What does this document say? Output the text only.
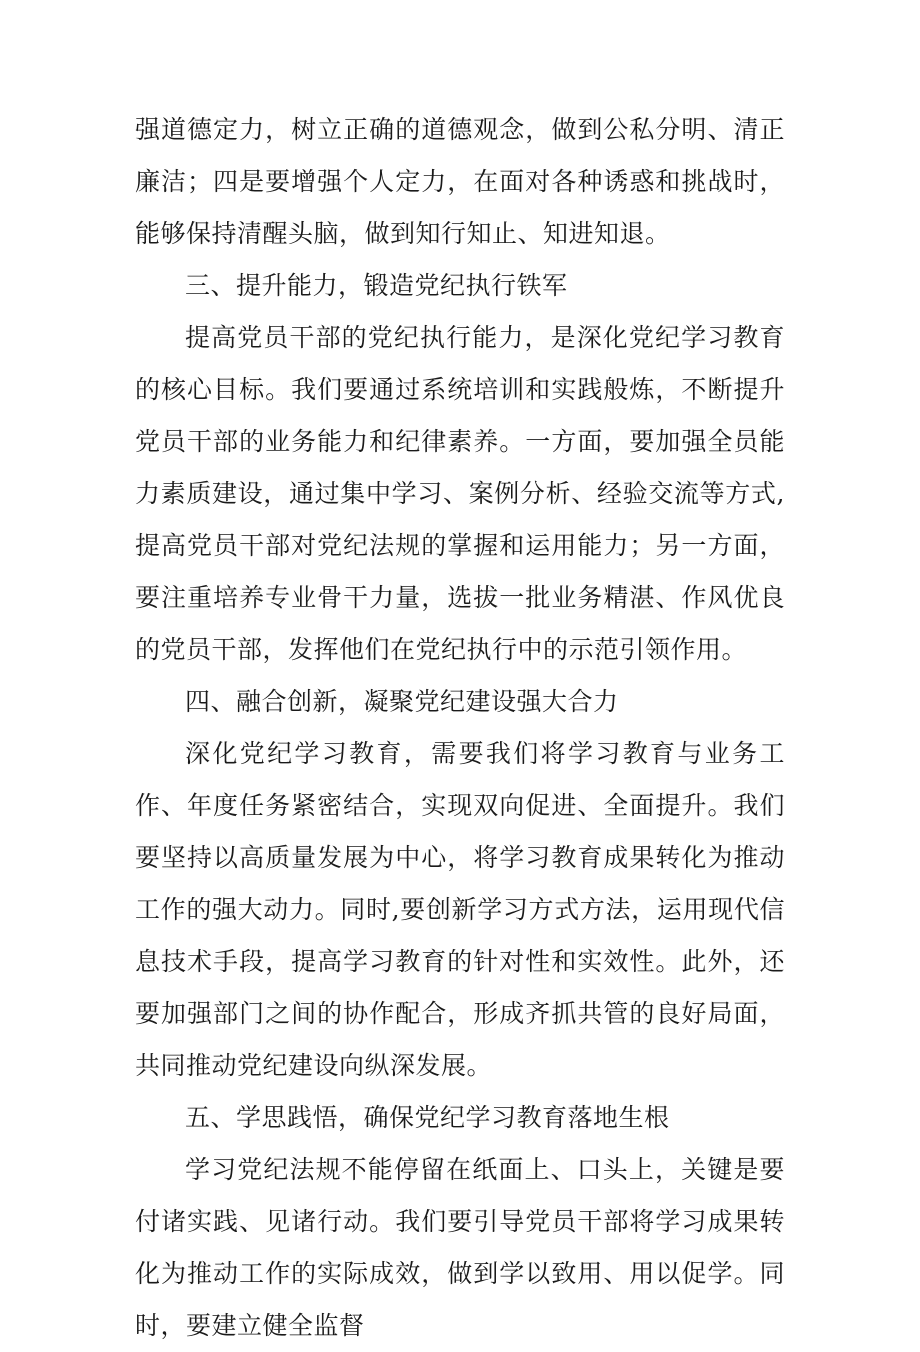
强道德定力，树立正确的道德观念，做到公私分明、清正廉洁；四是要增强个人定力，在面对各种诱惑和挑战时，能够保持清醒头脑，做到知行知止、知进知退。

三、提升能力，锻造党纪执行铁军

提高党员干部的党纪执行能力，是深化党纪学习教育的核心目标。我们要通过系统培训和实践般炼，不断提升党员干部的业务能力和纪律素养。一方面，要加强全员能力素质建设，通过集中学习、案例分析、经验交流等方式,提高党员干部对党纪法规的掌握和运用能力；另一方面，要注重培养专业骨干力量，选拔一批业务精湛、作风优良的党员干部，发挥他们在党纪执行中的示范引领作用。

四、融合创新，凝聚党纪建设强大合力

深化党纪学习教育，需要我们将学习教育与业务工作、年度任务紧密结合，实现双向促进、全面提升。我们要坚持以高质量发展为中心，将学习教育成果转化为推动工作的强大动力。同时,要创新学习方式方法，运用现代信息技术手段，提高学习教育的针对性和实效性。此外，还要加强部门之间的协作配合，形成齐抓共管的良好局面，共同推动党纪建设向纵深发展。

五、学思践悟，确保党纪学习教育落地生根

学习党纪法规不能停留在纸面上、口头上，关键是要付诸实践、见诸行动。我们要引导党员干部将学习成果转化为推动工作的实际成效，做到学以致用、用以促学。同时，要建立健全监督
